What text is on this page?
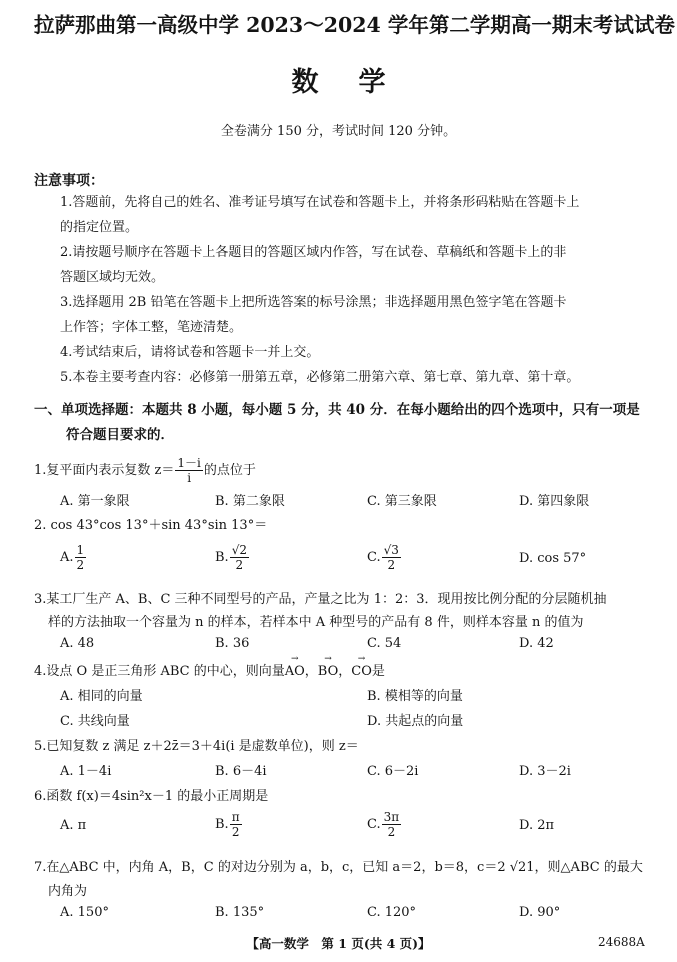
拉萨那曲第一高级中学 2023～2024 学年第二学期高一期末考试试卷
数学
全卷满分 150 分，考试时间 120 分钟。
注意事项：
1.答题前，先将自己的姓名、准考证号填写在试卷和答题卡上，并将条形码粘贴在答题卡上
的指定位置。
2.请按题号顺序在答题卡上各题目的答题区域内作答，写在试卷、草稿纸和答题卡上的非
答题区域均无效。
3.选择题用 2B 铅笔在答题卡上把所选答案的标号涂黑；非选择题用黑色签字笔在答题卡
上作答；字体工整，笔迹清楚。
4.考试结束后，请将试卷和答题卡一并上交。
5.本卷主要考查内容：必修第一册第五章，必修第二册第六章、第七章、第九章、第十章。
一、单项选择题：本题共 8 小题，每小题 5 分，共 40 分．在每小题给出的四个选项中，只有一项是
符合题目要求的．
1.复平面内表示复数 $z= \frac{1-i}{i}$ 的点位于
A. 第一象限	B. 第二象限	C. 第三象限	D. 第四象限
2. cos 43°cos 13°＋sin 43°sin 13°＝
A. $\frac{1}{2}$	B. $\frac{√2}{2}$	C. $\frac{√3}{2}$	D. cos 57°
3.某工厂生产 A、B、C 三种不同型号的产品，产量之比为 1：2：3．现用按比例分配的分层随机抽
样的方法抽取一个容量为 n 的样本，若样本中 A 种型号的产品有 8 件，则样本容量 n 的值为
A. 48	B. 36	C. 54	D. 42
4.设点 O 是正三角形 ABC 的中心，则向量→ AO，→ BO，→ CO是
A. 相同的向量	B. 模相等的向量
C. 共线向量	D. 共起点的向量
5.已知复数 z 满足 z＋2z̄＝3＋4i(i 是虚数单位)，则 z＝
A. 1－4i	B. 6－4i	C. 6－2i	D. 3－2i
6.函数 f(x)＝4sin²x－1 的最小正周期是
A. π	B. $\frac{\pi}{2}$	C. $\frac{3\pi}{2}$	D. 2π
7.在△ABC 中，内角 A，B，C 的对边分别为 a，b，c，已知 a＝2，b＝8，c＝2 √21，则△ABC 的最大
内角为
A. 150°	B. 135°	C. 120°	D. 90°
【高一数学　第 1 页(共 4 页)】	24688A
